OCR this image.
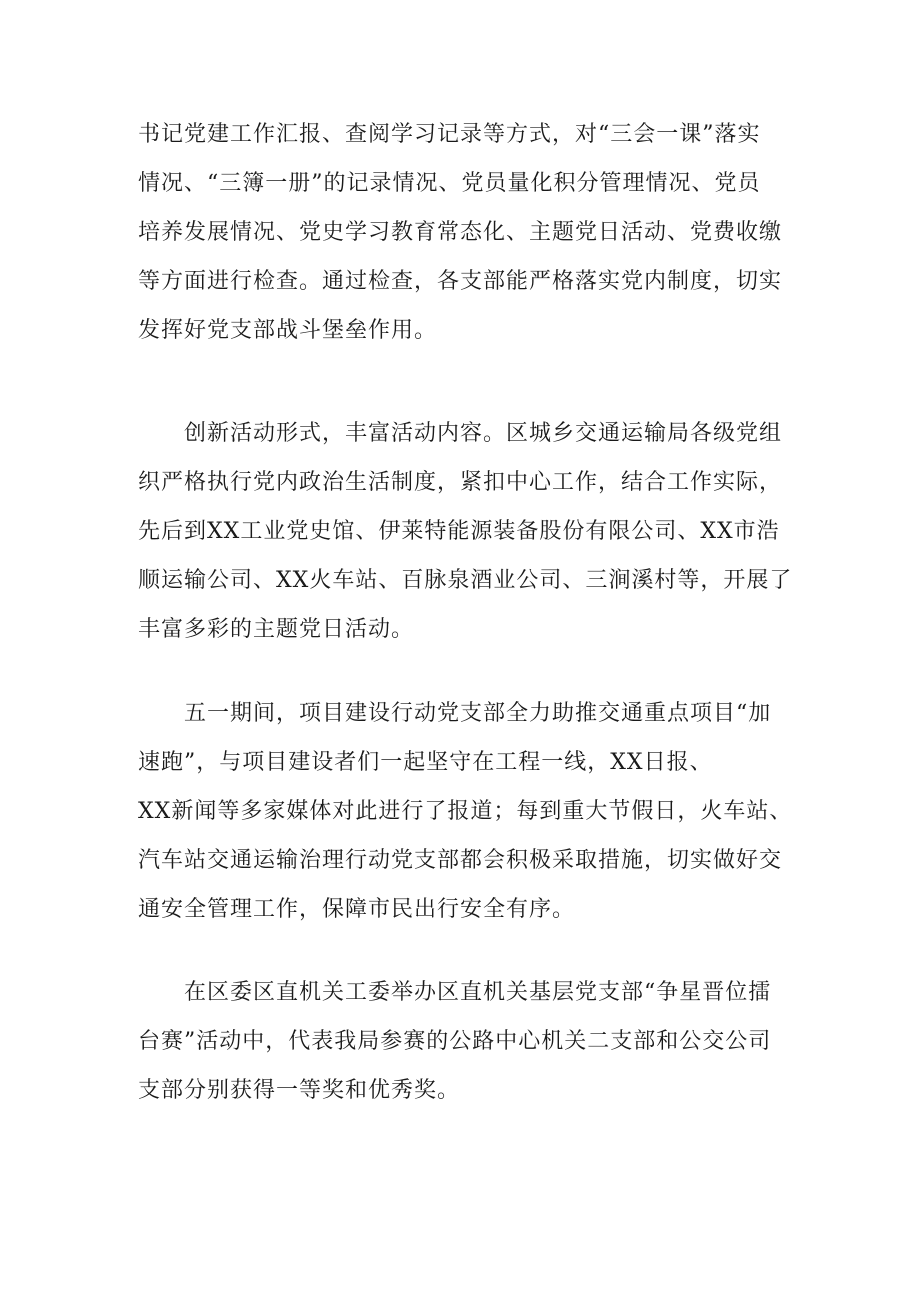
书记党建工作汇报、查阅学习记录等方式，对“三会一课”落实
情况、“三簿一册”的记录情况、党员量化积分管理情况、党员
培养发展情况、党史学习教育常态化、主题党日活动、党费收缴
等方面进行检查。通过检查，各支部能严格落实党内制度，切实
发挥好党支部战斗堡垒作用。
　　创新活动形式，丰富活动内容。区城乡交通运输局各级党组
织严格执行党内政治生活制度，紧扣中心工作，结合工作实际，
先后到XX工业党史馆、伊莱特能源装备股份有限公司、XX市浩
顺运输公司、XX火车站、百脉泉酒业公司、三涧溪村等，开展了
丰富多彩的主题党日活动。
　　五一期间，项目建设行动党支部全力助推交通重点项目“加
速跑”，与项目建设者们一起坚守在工程一线，XX日报、
XX新闻等多家媒体对此进行了报道；每到重大节假日，火车站、
汽车站交通运输治理行动党支部都会积极采取措施，切实做好交
通安全管理工作，保障市民出行安全有序。
　　在区委区直机关工委举办区直机关基层党支部“争星晋位擂
台赛”活动中，代表我局参赛的公路中心机关二支部和公交公司
支部分别获得一等奖和优秀奖。
